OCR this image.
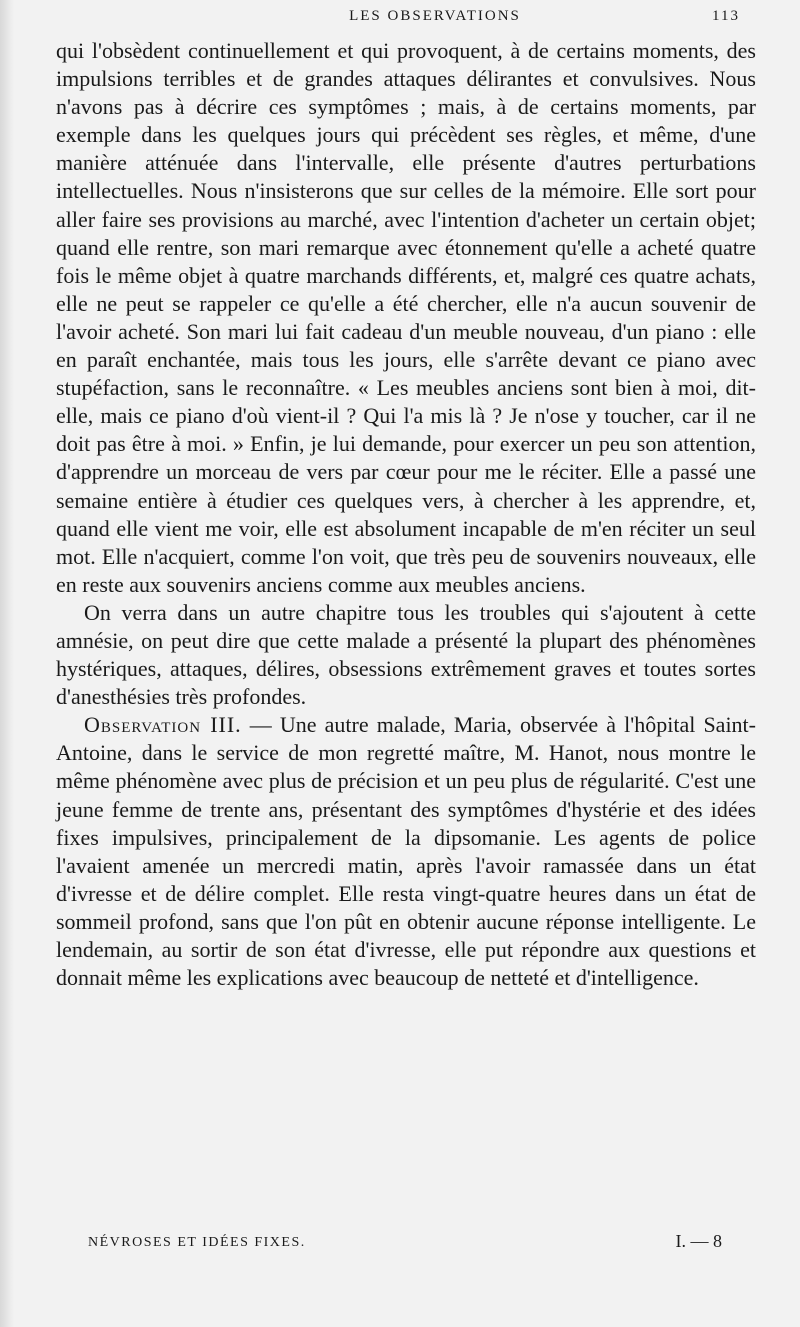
LES OBSERVATIONS	113

qui l'obsèdent continuellement et qui provoquent, à de certains moments, des impulsions terribles et de grandes attaques délirantes et convulsives. Nous n'avons pas à décrire ces symptômes ; mais, à de certains moments, par exemple dans les quelques jours qui précèdent ses règles, et même, d'une manière atténuée dans l'intervalle, elle présente d'autres perturbations intellectuelles. Nous n'insisterons que sur celles de la mémoire. Elle sort pour aller faire ses provisions au marché, avec l'intention d'acheter un certain objet; quand elle rentre, son mari remarque avec étonnement qu'elle a acheté quatre fois le même objet à quatre marchands différents, et, malgré ces quatre achats, elle ne peut se rappeler ce qu'elle a été chercher, elle n'a aucun souvenir de l'avoir acheté. Son mari lui fait cadeau d'un meuble nouveau, d'un piano : elle en paraît enchantée, mais tous les jours, elle s'arrête devant ce piano avec stupéfaction, sans le reconnaître. « Les meubles anciens sont bien à moi, dit-elle, mais ce piano d'où vient-il ? Qui l'a mis là ? Je n'ose y toucher, car il ne doit pas être à moi. » Enfin, je lui demande, pour exercer un peu son attention, d'apprendre un morceau de vers par cœur pour me le réciter. Elle a passé une semaine entière à étudier ces quelques vers, à chercher à les apprendre, et, quand elle vient me voir, elle est absolument incapable de m'en réciter un seul mot. Elle n'acquiert, comme l'on voit, que très peu de souvenirs nouveaux, elle en reste aux souvenirs anciens comme aux meubles anciens.

On verra dans un autre chapitre tous les troubles qui s'ajoutent à cette amnésie, on peut dire que cette malade a présenté la plupart des phénomènes hystériques, attaques, délires, obsessions extrêmement graves et toutes sortes d'anesthésies très profondes.

Observation III. — Une autre malade, Maria, observée à l'hôpital Saint-Antoine, dans le service de mon regretté maître, M. Hanot, nous montre le même phénomène avec plus de précision et un peu plus de régularité. C'est une jeune femme de trente ans, présentant des symptômes d'hystérie et des idées fixes impulsives, principalement de la dipsomanie. Les agents de police l'avaient amenée un mercredi matin, après l'avoir ramassée dans un état d'ivresse et de délire complet. Elle resta vingt-quatre heures dans un état de sommeil profond, sans que l'on pût en obtenir aucune réponse intelligente. Le lendemain, au sortir de son état d'ivresse, elle put répondre aux questions et donnait même les explications avec beaucoup de netteté et d'intelligence.

NÉVROSES ET IDÉES FIXES.	I. — 8
